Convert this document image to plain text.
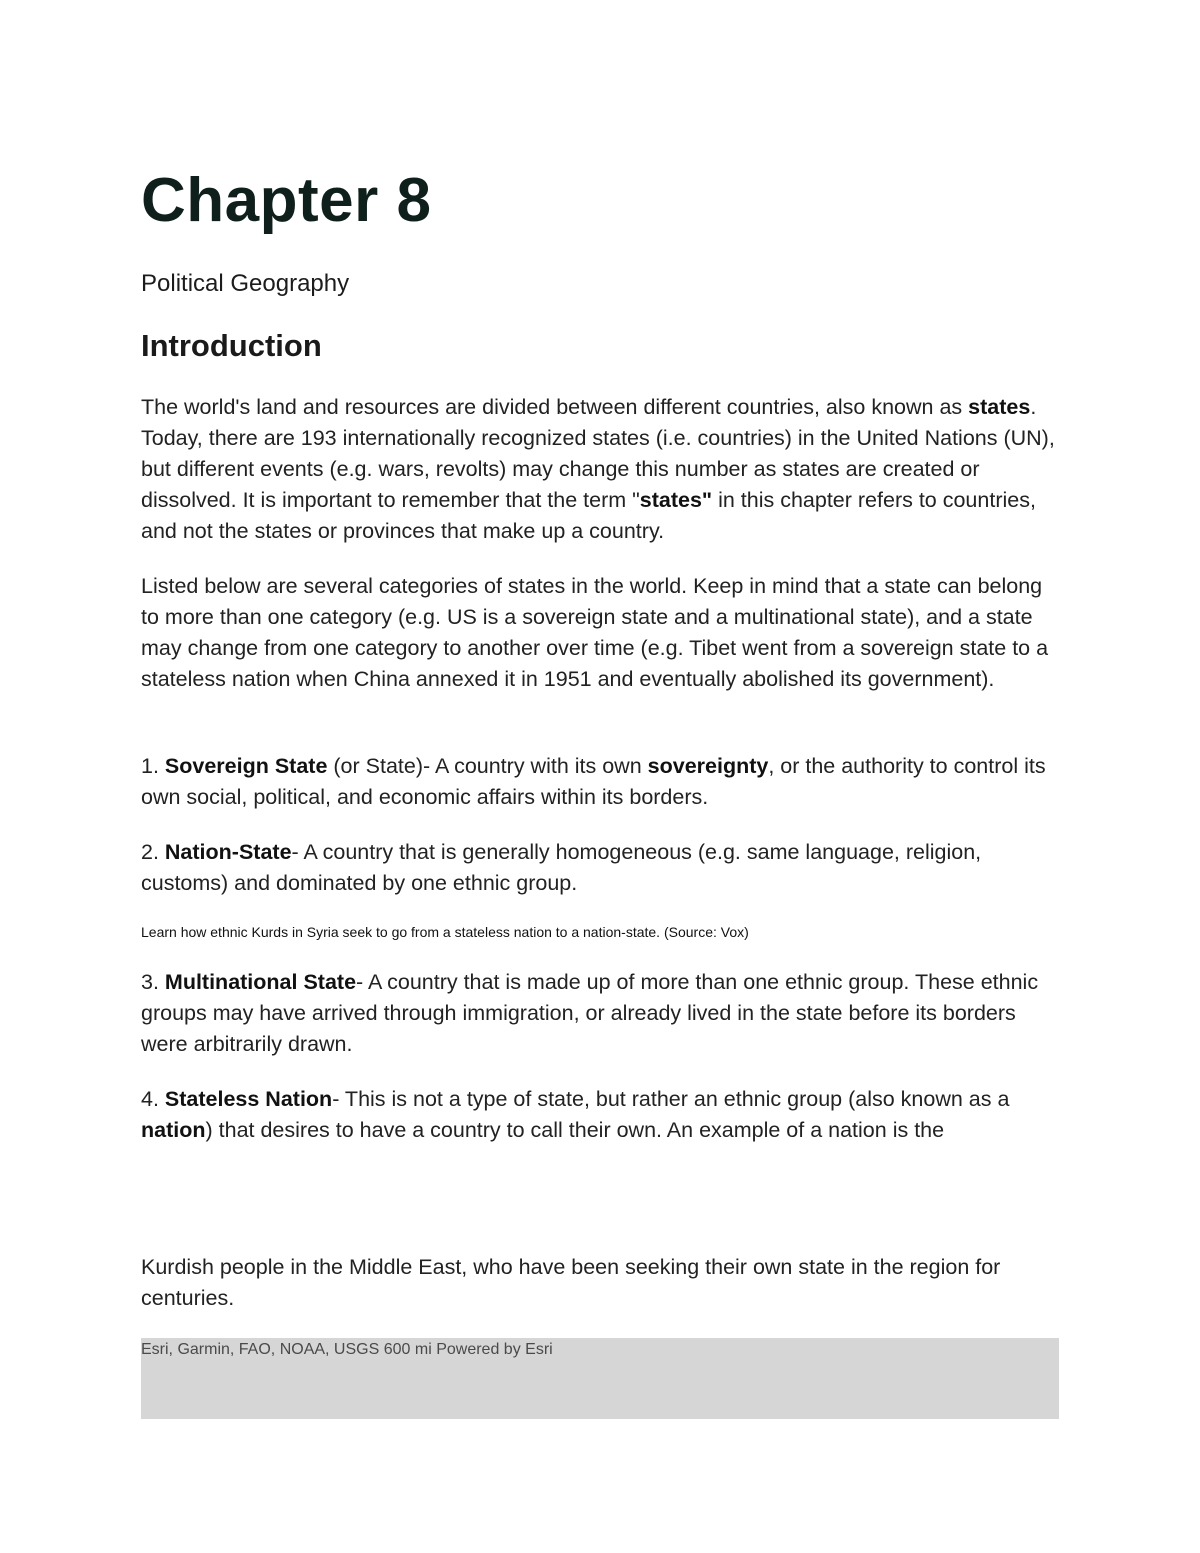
Chapter 8

Political Geography

Introduction

The world's land and resources are divided between different countries, also known as states. Today, there are 193 internationally recognized states (i.e. countries) in the United Nations (UN), but different events (e.g. wars, revolts) may change this number as states are created or dissolved. It is important to remember that the term "states" in this chapter refers to countries, and not the states or provinces that make up a country.

Listed below are several categories of states in the world. Keep in mind that a state can belong to more than one category (e.g. US is a sovereign state and a multinational state), and a state may change from one category to another over time (e.g. Tibet went from a sovereign state to a stateless nation when China annexed it in 1951 and eventually abolished its government).

1. Sovereign State (or State)- A country with its own sovereignty, or the authority to control its own social, political, and economic affairs within its borders.

2. Nation-State- A country that is generally homogeneous (e.g. same language, religion, customs) and dominated by one ethnic group.

Learn how ethnic Kurds in Syria seek to go from a stateless nation to a nation-state. (Source: Vox)

3. Multinational State- A country that is made up of more than one ethnic group. These ethnic groups may have arrived through immigration, or already lived in the state before its borders were arbitrarily drawn.

4. Stateless Nation- This is not a type of state, but rather an ethnic group (also known as a nation) that desires to have a country to call their own. An example of a nation is the

Kurdish people in the Middle East, who have been seeking their own state in the region for centuries.

Esri, Garmin, FAO, NOAA, USGS 600 mi Powered by Esri
